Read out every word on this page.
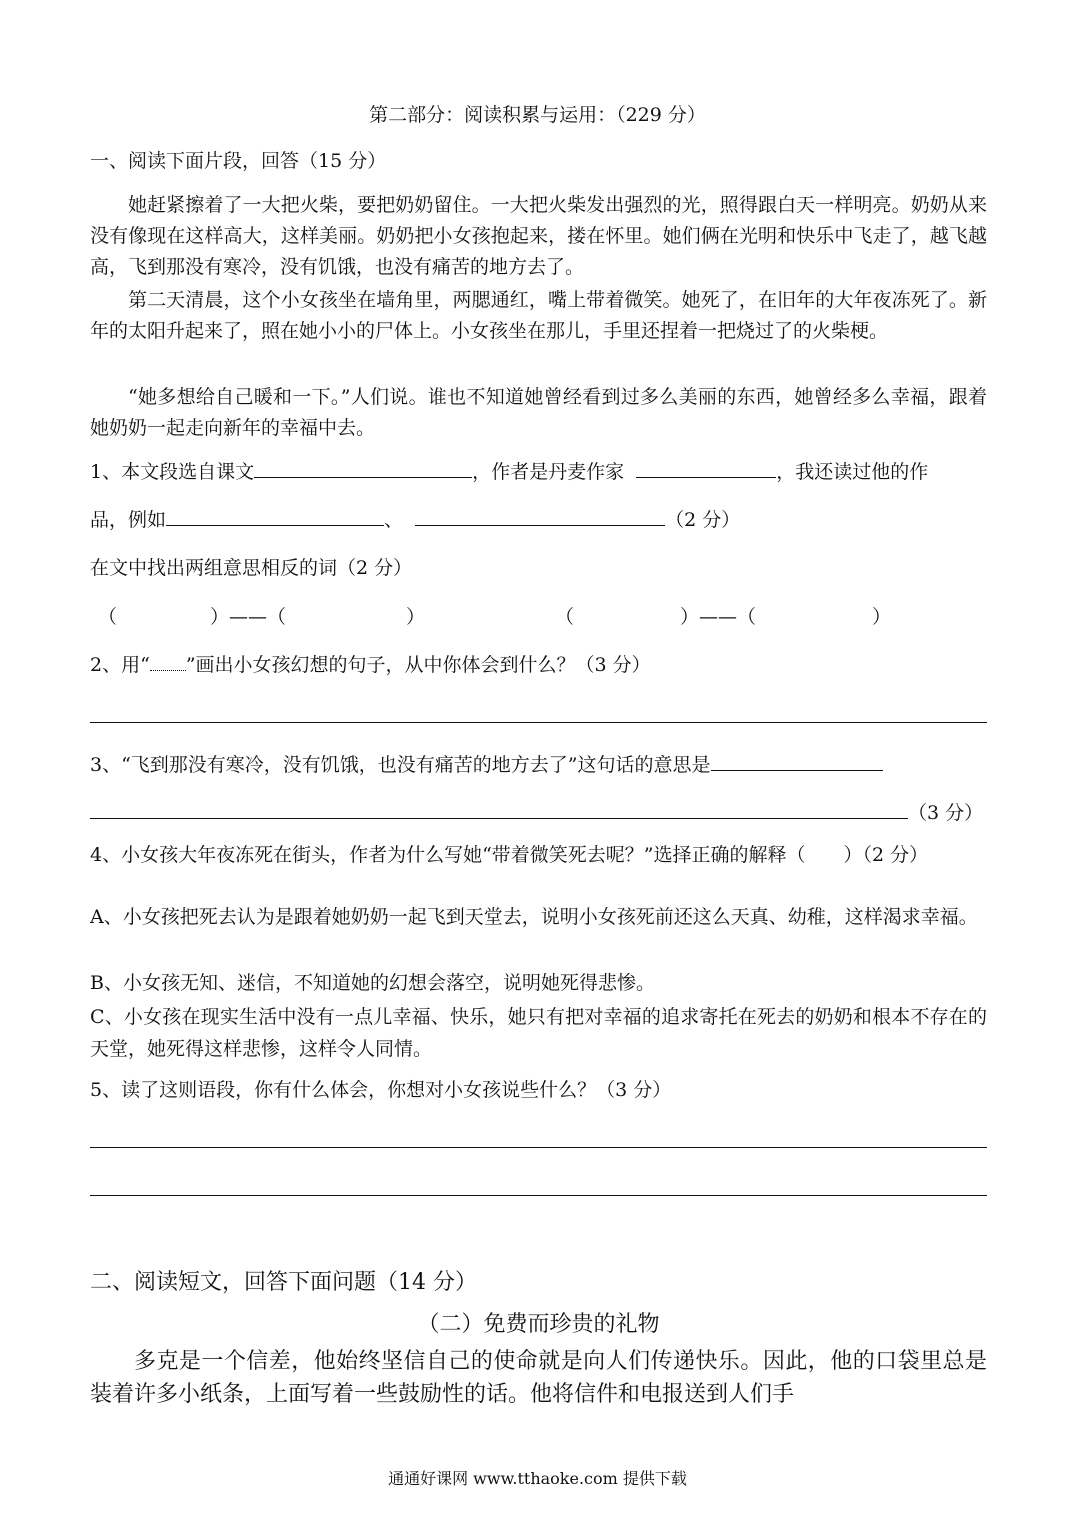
第二部分：阅读积累与运用：（229 分）
一、阅读下面片段，回答（15 分）
她赶紧擦着了一大把火柴，要把奶奶留住。一大把火柴发出强烈的光，照得跟白天一样明亮。奶奶从来没有像现在这样高大，这样美丽。奶奶把小女孩抱起来，搂在怀里。她们俩在光明和快乐中飞走了，越飞越高，飞到那没有寒冷，没有饥饿，也没有痛苦的地方去了。
第二天清晨，这个小女孩坐在墙角里，两腮通红，嘴上带着微笑。她死了，在旧年的大年夜冻死了。新年的太阳升起来了，照在她小小的尸体上。小女孩坐在那儿，手里还捏着一把烧过了的火柴梗。
“她多想给自己暖和一下。”人们说。谁也不知道她曾经看到过多么美丽的东西，她曾经多么幸福，跟着她奶奶一起走向新年的幸福中去。
1、本文段选自课文	，作者是丹麦作家	，我还读过他的作
品，例如	、	（2 分）
在文中找出两组意思相反的词（2 分）
（	）——（	）	（	）——（	）
2、用“ ”画出小女孩幻想的句子，从中你体会到什么？（3 分）
3、“飞到那没有寒冷，没有饥饿，也没有痛苦的地方去了”这句话的意思是
（3 分）
4、小女孩大年夜冻死在街头，作者为什么写她“带着微笑死去呢？”选择正确的解释（　　）（2 分）
A、小女孩把死去认为是跟着她奶奶一起飞到天堂去，说明小女孩死前还这么天真、幼稚，这样渴求幸福。
B、小女孩无知、迷信，不知道她的幻想会落空，说明她死得悲惨。
C、小女孩在现实生活中没有一点儿幸福、快乐，她只有把对幸福的追求寄托在死去的奶奶和根本不存在的天堂，她死得这样悲惨，这样令人同情。
5、读了这则语段，你有什么体会，你想对小女孩说些什么？（3 分）
二、阅读短文，回答下面问题（14 分）
（二）免费而珍贵的礼物
多克是一个信差，他始终坚信自己的使命就是向人们传递快乐。因此，他的口袋里总是装着许多小纸条，上面写着一些鼓励性的话。他将信件和电报送到人们手
通通好课网 www.tthaoke.com 提供下载
